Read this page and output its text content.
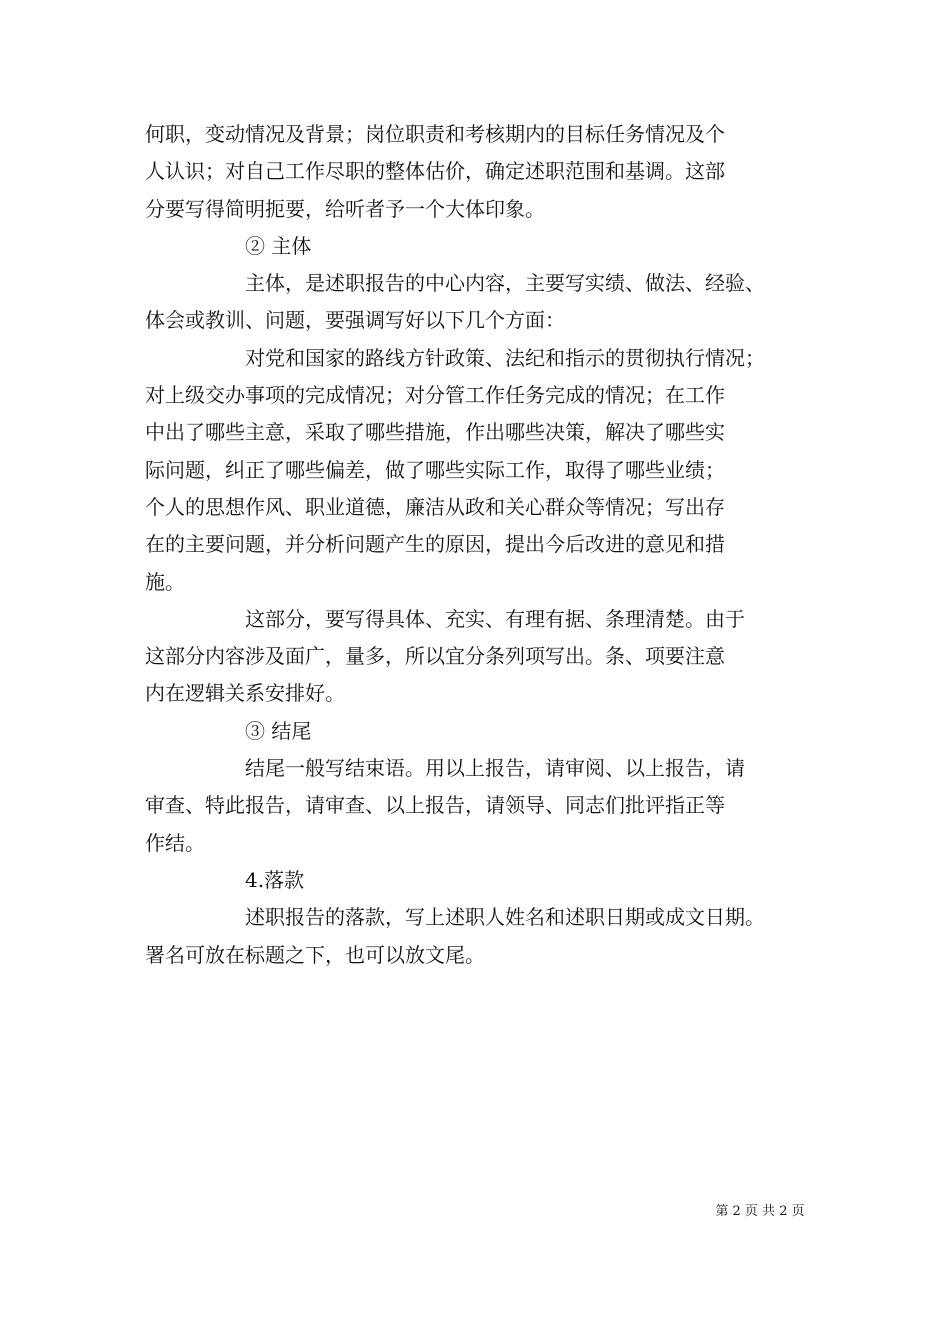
何职，变动情况及背景；岗位职责和考核期内的目标任务情况及个
人认识；对自己工作尽职的整体估价，确定述职范围和基调。这部
分要写得简明扼要，给听者予一个大体印象。
② 主体
主体，是述职报告的中心内容，主要写实绩、做法、经验、
体会或教训、问题，要强调写好以下几个方面：
对党和国家的路线方针政策、法纪和指示的贯彻执行情况；
对上级交办事项的完成情况；对分管工作任务完成的情况；在工作
中出了哪些主意，采取了哪些措施，作出哪些决策，解决了哪些实
际问题，纠正了哪些偏差，做了哪些实际工作，取得了哪些业绩；
个人的思想作风、职业道德，廉洁从政和关心群众等情况；写出存
在的主要问题，并分析问题产生的原因，提出今后改进的意见和措
施。
这部分，要写得具体、充实、有理有据、条理清楚。由于
这部分内容涉及面广，量多，所以宜分条列项写出。条、项要注意
内在逻辑关系安排好。
③ 结尾
结尾一般写结束语。用以上报告，请审阅、以上报告，请
审查、特此报告，请审查、以上报告，请领导、同志们批评指正等
作结。
4.落款
述职报告的落款，写上述职人姓名和述职日期或成文日期。
署名可放在标题之下，也可以放文尾。
第 2 页 共 2 页
